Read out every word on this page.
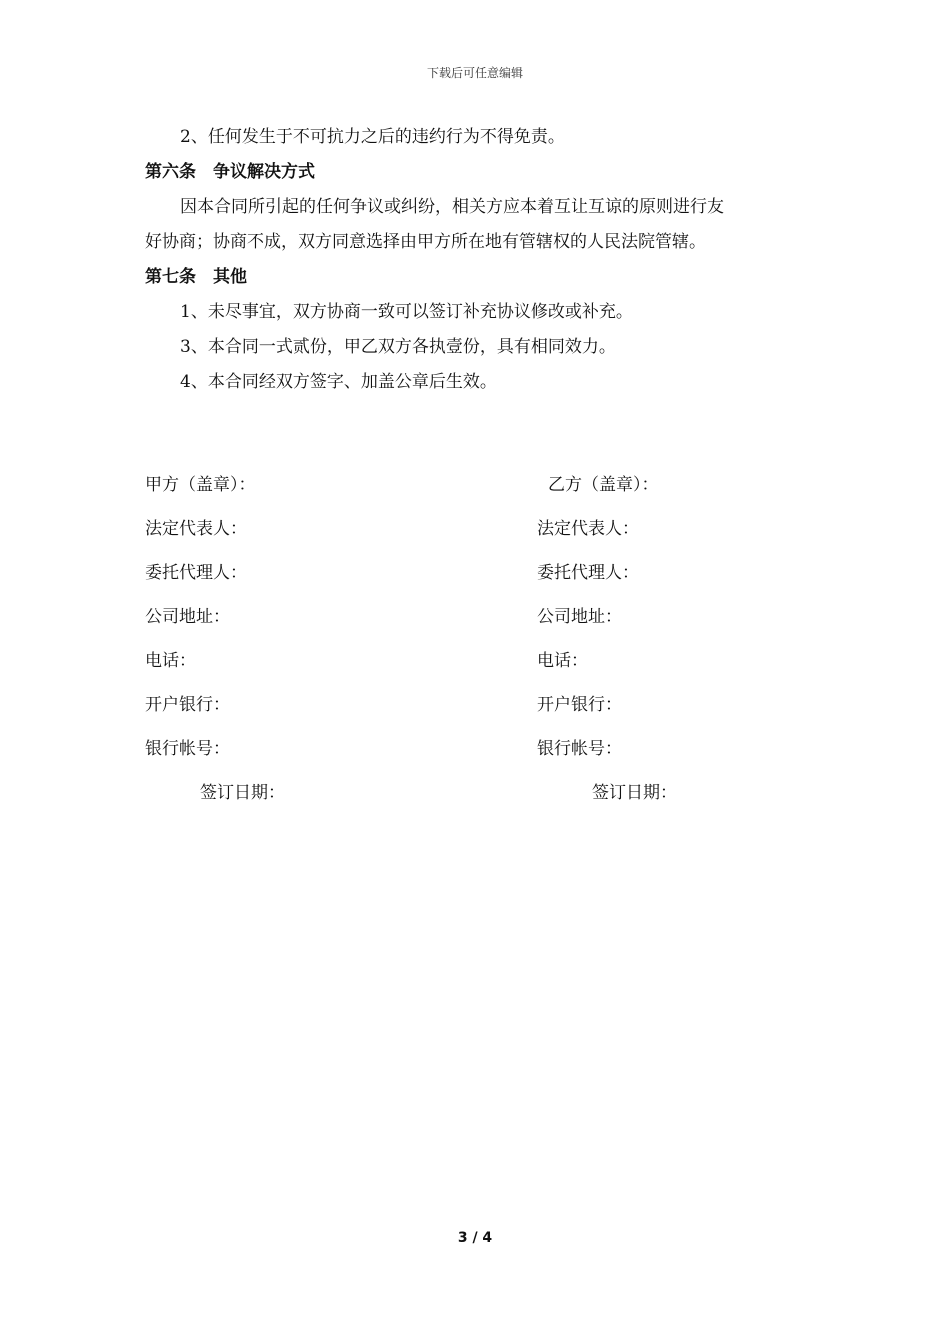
下载后可任意编辑
2、任何发生于不可抗力之后的违约行为不得免责。
第六条　争议解决方式
因本合同所引起的任何争议或纠纷，相关方应本着互让互谅的原则进行友
好协商；协商不成，双方同意选择由甲方所在地有管辖权的人民法院管辖。
第七条　其他
1、未尽事宜，双方协商一致可以签订补充协议修改或补充。
3、本合同一式贰份，甲乙双方各执壹份，具有相同效力。
4、本合同经双方签字、加盖公章后生效。
甲方（盖章）：
法定代表人：
委托代理人：
公司地址：
电话：
开户银行：
银行帐号：
签订日期：
乙方（盖章）：
法定代表人：
委托代理人：
公司地址：
电话：
开户银行：
银行帐号：
签订日期：
3 / 4
